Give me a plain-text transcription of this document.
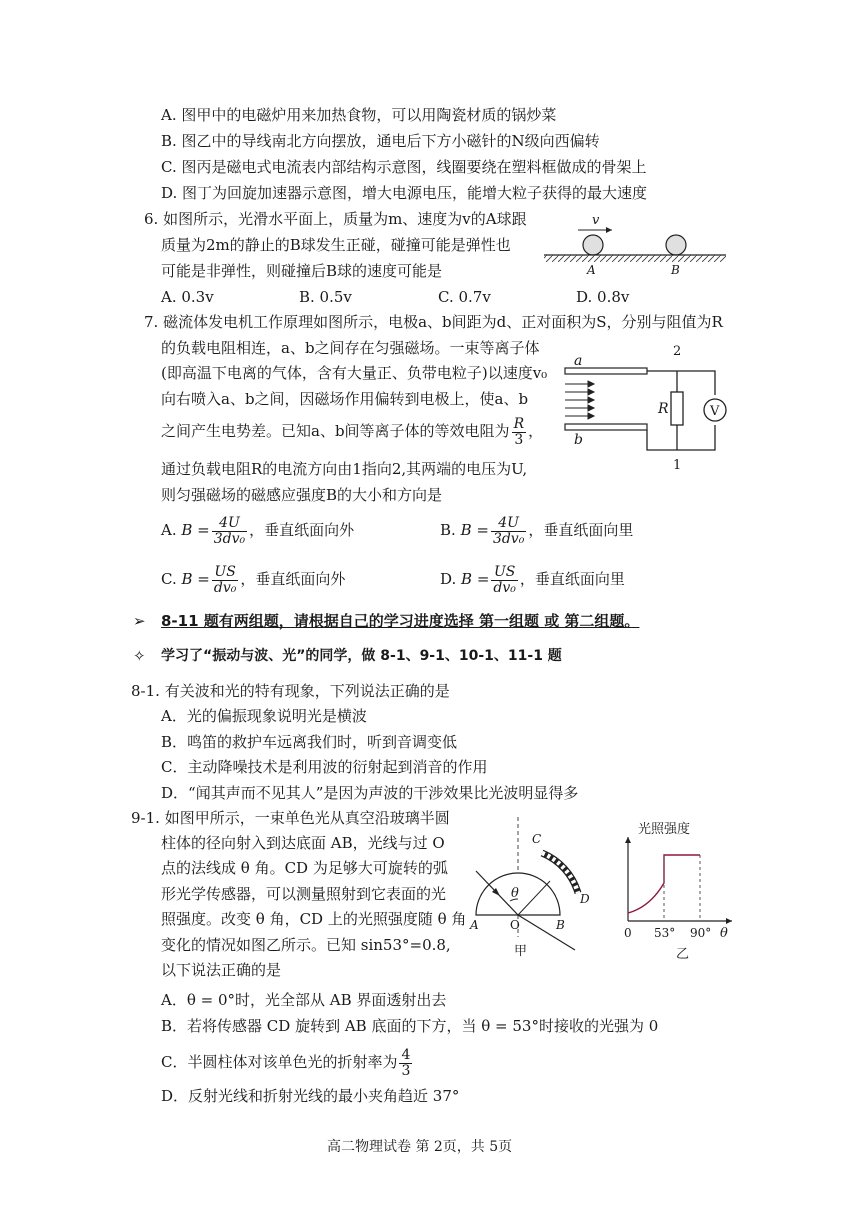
A. 图甲中的电磁炉用来加热食物，可以用陶瓷材质的锅炒菜
B. 图乙中的导线南北方向摆放，通电后下方小磁针的N级向西偏转
C. 图丙是磁电式电流表内部结构示意图，线圈要绕在塑料框做成的骨架上
D. 图丁为回旋加速器示意图，增大电源电压，能增大粒子获得的最大速度
6. 如图所示，光滑水平面上，质量为m、速度为v的A球跟
质量为2m的静止的B球发生正碰，碰撞可能是弹性也
可能是非弹性，则碰撞后B球的速度可能是
A. 0.3v	B. 0.5v	C. 0.7v	D. 0.8v
v
A	B
7. 磁流体发电机工作原理如图所示，电极a、b间距为d、正对面积为S，分别与阻值为R
的负载电阻相连，a、b之间存在匀强磁场。一束等离子体
(即高温下电离的气体，含有大量正、负带电粒子)以速度v₀
向右喷入a、b之间，因磁场作用偏转到电极上，使a、b
之间产生电势差。已知a、b间等离子体的等效电阻为 $\frac{R}{3}$ ，
通过负载电阻R的电流方向由1指向2,其两端的电压为U,
则匀强磁场的磁感应强度B的大小和方向是
A. $B = \frac{4U}{\text{3dv₀}}$ ，垂直纸面向外	B. $B = \frac{4U}{\text{3dv₀}}$ ，垂直纸面向里
C. $B = \frac{US}{\text{dv₀}}$ ，垂直纸面向外	D. $B = \frac{US}{\text{dv₀}}$ ，垂直纸面向里
a
b
R	V
2
1
➢ 8-11 题有两组题，请根据自己的学习进度选择 第一组题 或 第二组题。
✧ 学习了“振动与波、光”的同学，做 8-1、9-1、10-1、11-1 题
8-1. 有关波和光的特有现象，下列说法正确的是
A．光的偏振现象说明光是横波
B．鸣笛的救护车远离我们时，听到音调变低
C．主动降噪技术是利用波的衍射起到消音的作用
D．“闻其声而不见其人”是因为声波的干涉效果比光波明显得多
9-1. 如图甲所示，一束单色光从真空沿玻璃半圆
柱体的径向射入到达底面 AB，光线与过 O
点的法线成 θ 角。CD 为足够大可旋转的弧
形光学传感器，可以测量照射到它表面的光
照强度。改变 θ 角，CD 上的光照强度随 θ 角
变化的情况如图乙所示。已知 sin53°=0.8,
以下说法正确的是
A．θ = 0°时，光全部从 AB 界面透射出去
B．若将传感器 CD 旋转到 AB 底面的下方，当 θ = 53°时接收的光强为 0
C．半圆柱体对该单色光的折射率为 $\frac{4}{3}$
D．反射光线和折射光线的最小夹角趋近 37°
θ
A	O	B
C
D
甲
光照强度
0 53° 90° θ
乙
高二物理试卷 第 2页，共 5页
